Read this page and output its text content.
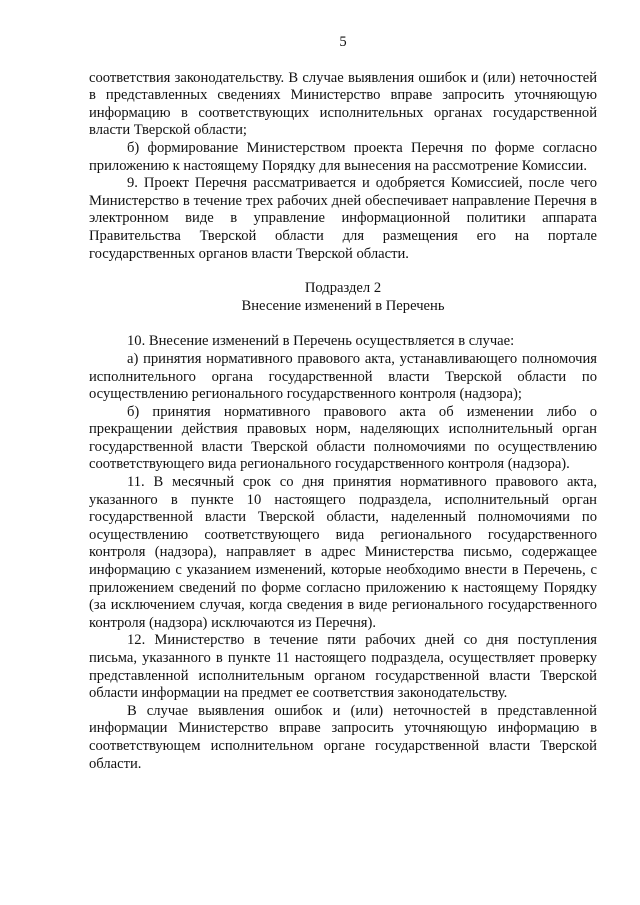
5

соответствия законодательству. В случае выявления ошибок и (или) неточностей в представленных сведениях Министерство вправе запросить уточняющую информацию в соответствующих исполнительных органах государственной власти Тверской области;

б) формирование Министерством проекта Перечня по форме согласно приложению к настоящему Порядку для вынесения на рассмотрение Комиссии.

9. Проект Перечня рассматривается и одобряется Комиссией, после чего Министерство в течение трех рабочих дней обеспечивает направление Перечня в электронном виде в управление информационной политики аппарата Правительства Тверской области для размещения его на портале государственных органов власти Тверской области.

Подраздел 2
Внесение изменений в Перечень

10. Внесение изменений в Перечень осуществляется в случае:

а) принятия нормативного правового акта, устанавливающего полномочия исполнительного органа государственной власти Тверской области по осуществлению регионального государственного контроля (надзора);

б) принятия нормативного правового акта об изменении либо о прекращении действия правовых норм, наделяющих исполнительный орган государственной власти Тверской области полномочиями по осуществлению соответствующего вида регионального государственного контроля (надзора).

11. В месячный срок со дня принятия нормативного правового акта, указанного в пункте 10 настоящего подраздела, исполнительный орган государственной власти Тверской области, наделенный полномочиями по осуществлению соответствующего вида регионального государственного контроля (надзора), направляет в адрес Министерства письмо, содержащее информацию с указанием изменений, которые необходимо внести в Перечень, с приложением сведений по форме согласно приложению к настоящему Порядку (за исключением случая, когда сведения в виде регионального государственного контроля (надзора) исключаются из Перечня).

12. Министерство в течение пяти рабочих дней со дня поступления письма, указанного в пункте 11 настоящего подраздела, осуществляет проверку представленной исполнительным органом государственной власти Тверской области информации на предмет ее соответствия законодательству.

В случае выявления ошибок и (или) неточностей в представленной информации Министерство вправе запросить уточняющую информацию в соответствующем исполнительном органе государственной власти Тверской области.
